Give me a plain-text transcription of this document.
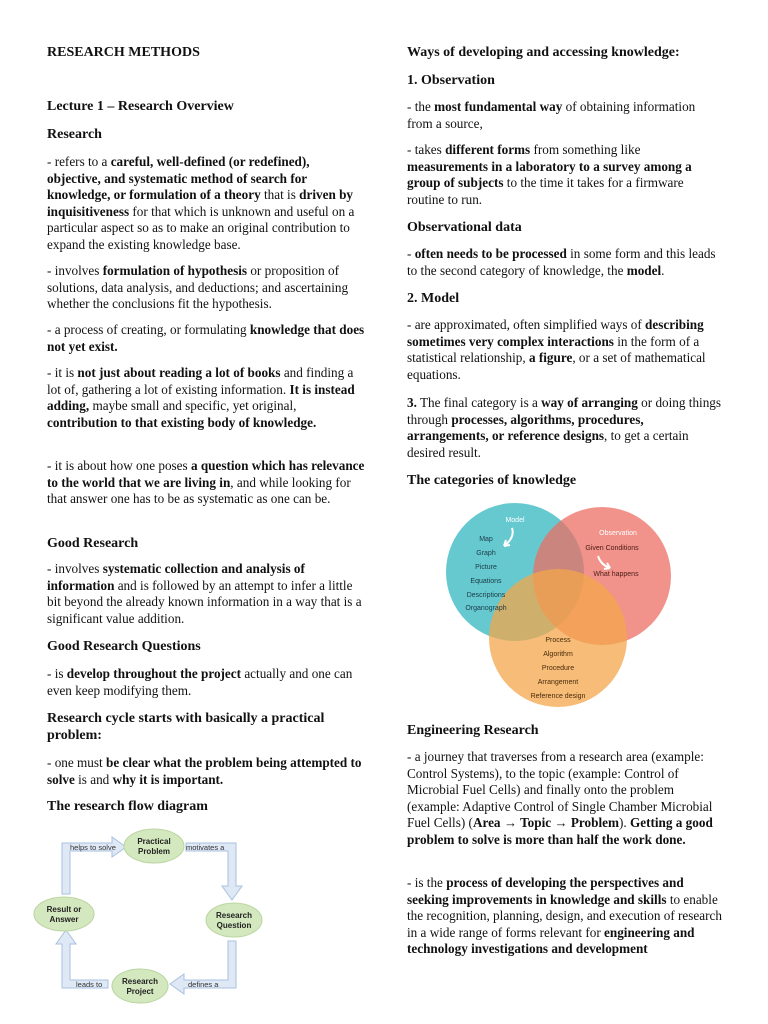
RESEARCH METHODS

Lecture 1 – Research Overview

Research

- refers to a careful, well-defined (or redefined), objective, and systematic method of search for knowledge, or formulation of a theory that is driven by inquisitiveness for that which is unknown and useful on a particular aspect so as to make an original contribution to expand the existing knowledge base.

- involves formulation of hypothesis or proposition of solutions, data analysis, and deductions; and ascertaining whether the conclusions fit the hypothesis.

- a process of creating, or formulating knowledge that does not yet exist.

- it is not just about reading a lot of books and finding a lot of, gathering a lot of existing information. It is instead adding, maybe small and specific, yet original, contribution to that existing body of knowledge.

- it is about how one poses a question which has relevance to the world that we are living in, and while looking for that answer one has to be as systematic as one can be.

Good Research

- involves systematic collection and analysis of information and is followed by an attempt to infer a little bit beyond the already known information in a way that is a significant value addition.

Good Research Questions

- is develop throughout the project actually and one can even keep modifying them.

Research cycle starts with basically a practical problem:

- one must be clear what the problem being attempted to solve is and why it is important.

The research flow diagram

helps to solve	motivates a
defines a
leads to
Practical
Problem
Research
Question
Research
Project
Result or
Answer

Ways of developing and accessing knowledge:

1. Observation

- the most fundamental way of obtaining information from a source,

- takes different forms from something like measurements in a laboratory to a survey among a group of subjects to the time it takes for a firmware routine to run.

Observational data

- often needs to be processed in some form and this leads to the second category of knowledge, the model.

2. Model

- are approximated, often simplified ways of describing sometimes very complex interactions in the form of a statistical relationship, a figure, or a set of mathematical equations.

3. The final category is a way of arranging or doing things through processes, algorithms, procedures, arrangements, or reference designs, to get a certain desired result.

The categories of knowledge

Engineering Research

- a journey that traverses from a research area (example: Control Systems), to the topic (example: Control of Microbial Fuel Cells) and finally onto the problem (example: Adaptive Control of Single Chamber Microbial Fuel Cells) (Area → Topic → Problem). Getting a good problem to solve is more than half the work done.

- is the process of developing the perspectives and seeking improvements in knowledge and skills to enable the recognition, planning, design, and execution of research in a wide range of forms relevant for engineering and technology investigations and development

Model
Map
Graph
Picture
Equations
Descriptions
Organograph
Observation
Given Conditions
What happens
Process
Algorithm
Procedure
Arrangement
Reference design
